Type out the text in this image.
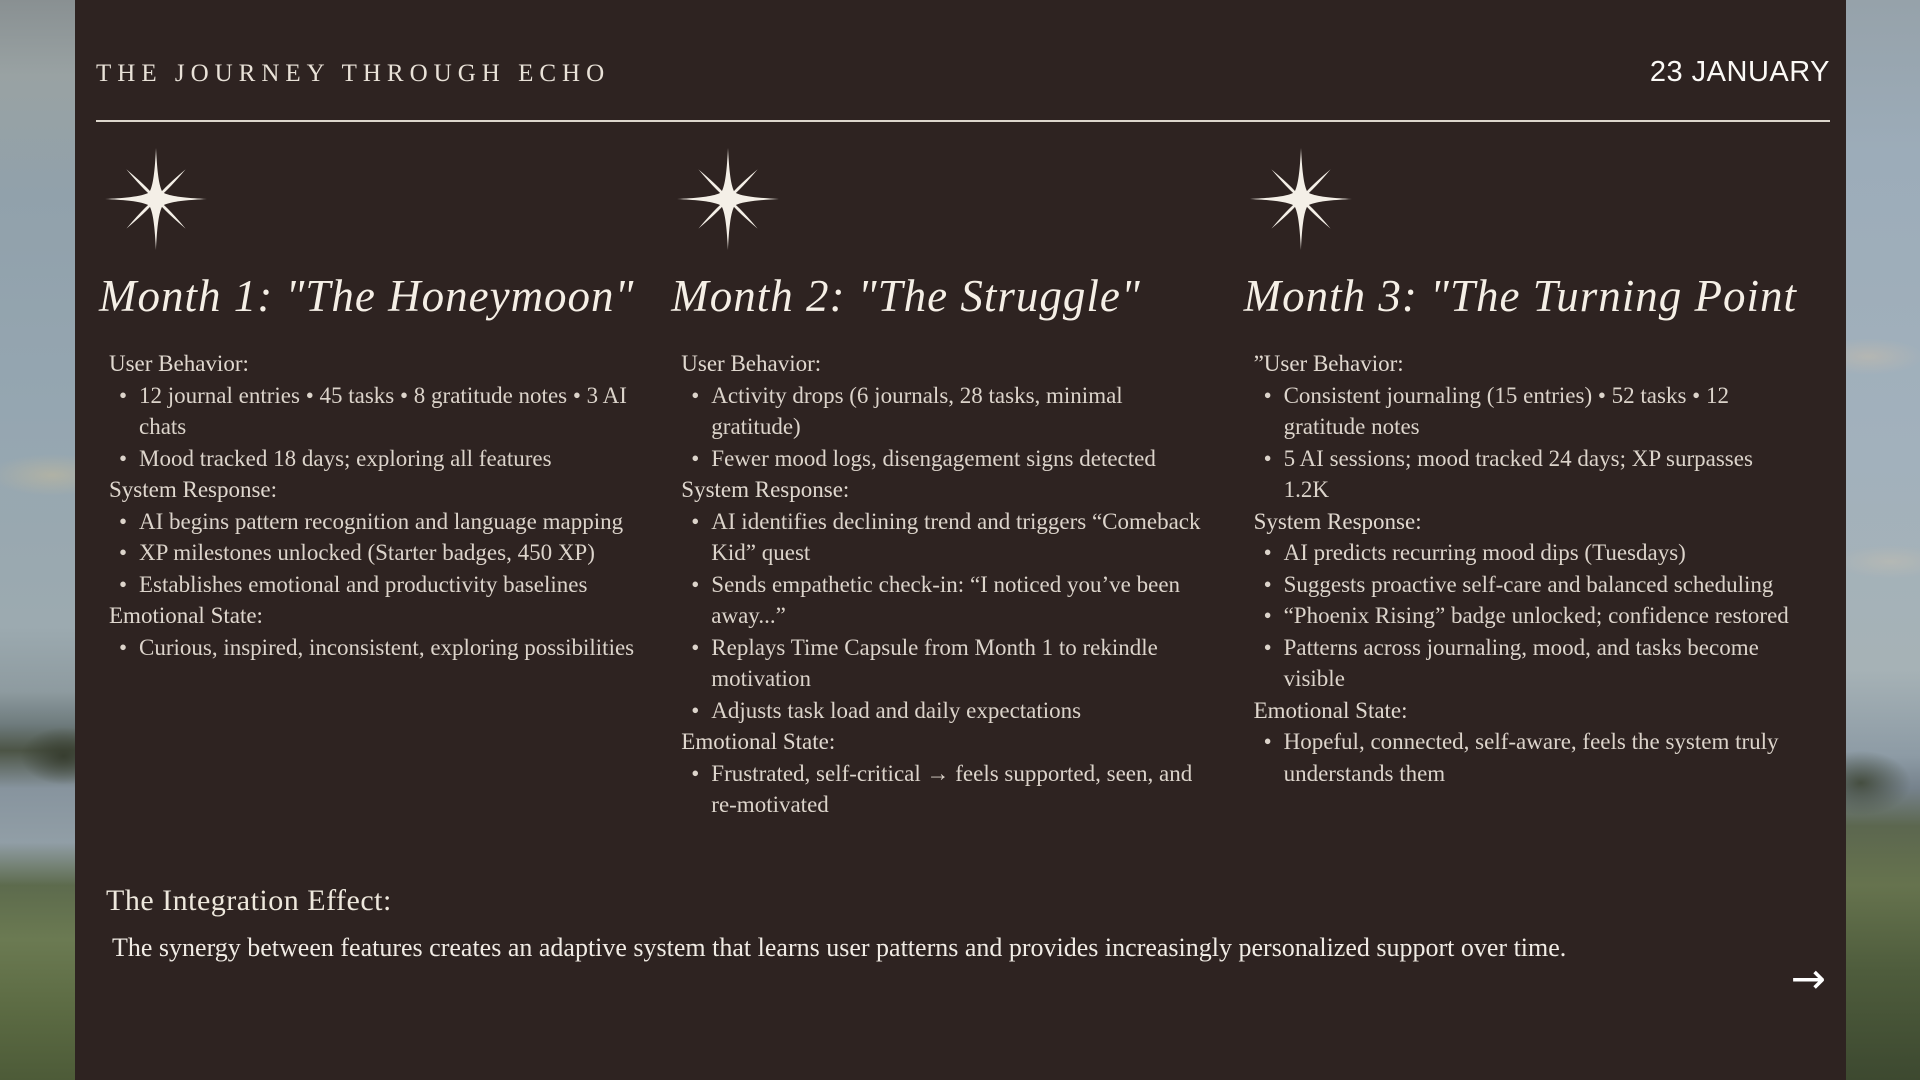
THE JOURNEY THROUGH ECHO	23 JANUARY
Month 1: "The Honeymoon"
User Behavior:
• 12 journal entries • 45 tasks • 8 gratitude notes • 3 AI chats
• Mood tracked 18 days; exploring all features
System Response:
• AI begins pattern recognition and language mapping
• XP milestones unlocked (Starter badges, 450 XP)
• Establishes emotional and productivity baselines
Emotional State:
• Curious, inspired, inconsistent, exploring possibilities
Month 2: "The Struggle"
User Behavior:
• Activity drops (6 journals, 28 tasks, minimal gratitude)
• Fewer mood logs, disengagement signs detected
System Response:
• AI identifies declining trend and triggers “Comeback Kid” quest
• Sends empathetic check-in: “I noticed you’ve been away...”
• Replays Time Capsule from Month 1 to rekindle motivation
• Adjusts task load and daily expectations
Emotional State:
• Frustrated, self-critical → feels supported, seen, and re-motivated
Month 3: "The Turning Point
”User Behavior:
• Consistent journaling (15 entries) • 52 tasks • 12 gratitude notes
• 5 AI sessions; mood tracked 24 days; XP surpasses 1.2K
System Response:
• AI predicts recurring mood dips (Tuesdays)
• Suggests proactive self-care and balanced scheduling
• “Phoenix Rising” badge unlocked; confidence restored
• Patterns across journaling, mood, and tasks become visible
Emotional State:
• Hopeful, connected, self-aware, feels the system truly understands them
The Integration Effect:
The synergy between features creates an adaptive system that learns user patterns and provides increasingly personalized support over time.
→
